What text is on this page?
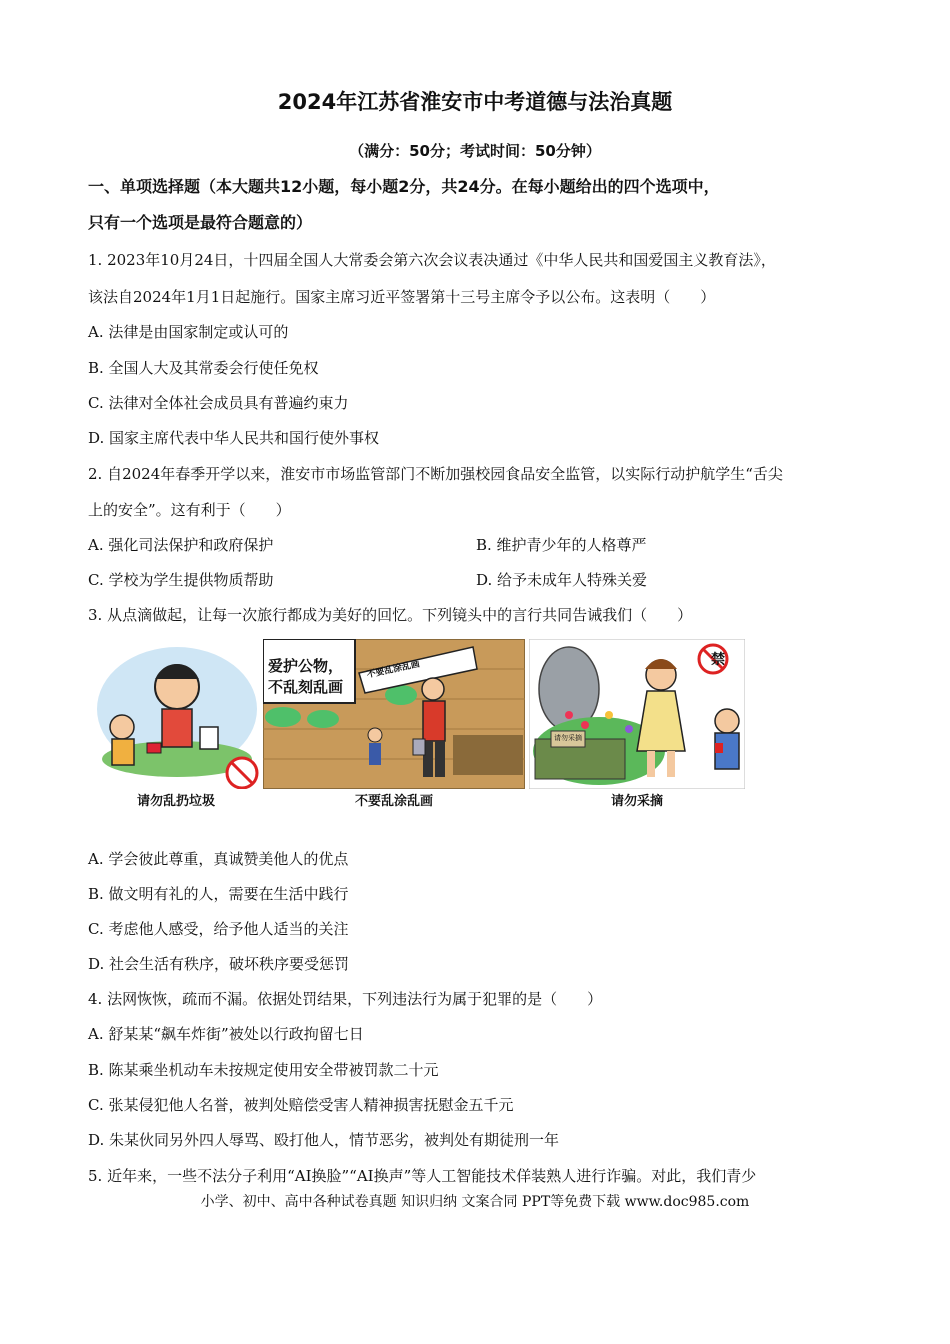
2024年江苏省淮安市中考道德与法治真题
（满分：50分；考试时间：50分钟）
一、单项选择题（本大题共12小题，每小题2分，共24分。在每小题给出的四个选项中，
只有一个选项是最符合题意的）
1. 2023年10月24日，十四届全国人大常委会第六次会议表决通过《中华人民共和国爱国主义教育法》，
该法自2024年1月1日起施行。国家主席习近平签署第十三号主席令予以公布。这表明（　　）
A. 法律是由国家制定或认可的
B. 全国人大及其常委会行使任免权
C. 法律对全体社会成员具有普遍约束力
D. 国家主席代表中华人民共和国行使外事权
2. 自2024年春季开学以来，淮安市市场监管部门不断加强校园食品安全监管，以实际行动护航学生“舌尖
上的安全”。这有利于（　　）
A. 强化司法保护和政府保护	B. 维护青少年的人格尊严
C. 学校为学生提供物质帮助	D. 给予未成年人特殊关爱
3. 从点滴做起，让每一次旅行都成为美好的回忆。下列镜头中的言行共同告诫我们（　　）
请勿乱扔垃圾
爱护公物，
不乱刻乱画
不要乱涂乱画
不要乱涂乱画
禁
请勿采摘
请勿采摘
A. 学会彼此尊重，真诚赞美他人的优点
B. 做文明有礼的人，需要在生活中践行
C. 考虑他人感受，给予他人适当的关注
D. 社会生活有秩序，破坏秩序要受惩罚
4. 法网恢恢，疏而不漏。依据处罚结果，下列违法行为属于犯罪的是（　　）
A. 舒某某“飙车炸街”被处以行政拘留七日
B. 陈某乘坐机动车未按规定使用安全带被罚款二十元
C. 张某侵犯他人名誉，被判处赔偿受害人精神损害抚慰金五千元
D. 朱某伙同另外四人辱骂、殴打他人，情节恶劣，被判处有期徒刑一年
5. 近年来，一些不法分子利用“AI换脸”“AI换声”等人工智能技术佯装熟人进行诈骗。对此，我们青少
小学、初中、高中各种试卷真题 知识归纳 文案合同 PPT等免费下载 www.doc985.com
